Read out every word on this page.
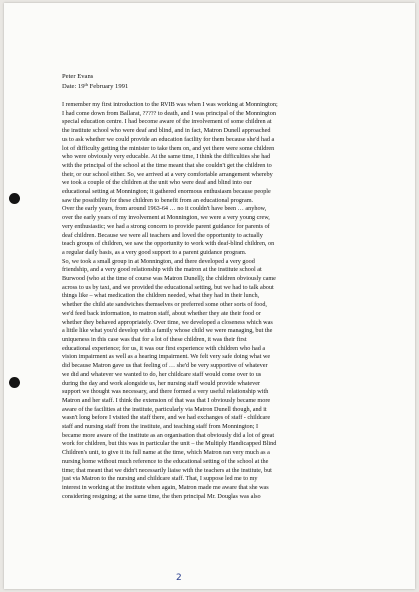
Peter Evans
Date: 19th February 1991
I remember my first introduction to the RVIB was when I was working at Monnington;
I had come down from Ballarat, ????? to death, and I was principal of the Monnington
special education centre. I had become aware of the involvement of some children at
the institute school who were deaf and blind, and in fact, Matron Dunell approached
us to ask whether we could provide an education facility for them because she'd had a
lot of difficulty getting the minister to take them on, and yet there were some children
who were obviously very educable. At the same time, I think the difficulties she had
with the principal of the school at the time meant that she couldn't get the children to
their, or our school either. So, we arrived at a very comfortable arrangement whereby
we took a couple of the children at the unit who were deaf and blind into our
educational setting at Monnington; it gathered enormous enthusiasm because people
saw the possibility for these children to benefit from an educational program.
Over the early years, from around 1963-64 … no it couldn't have been … anyhow,
over the early years of my involvement at Monnington, we were a very young crew,
very enthusiastic; we had a strong concern to provide parent guidance for parents of
deaf children. Because we were all teachers and loved the opportunity to actually
teach groups of children, we saw the opportunity to work with deaf-blind children, on
a regular daily basis, as a very good support to a parent guidance program.
So, we took a small group in at Monnington, and there developed a very good
friendship, and a very good relationship with the matron at the institute school at
Burwood (who at the time of course was Matron Dunell); the children obviously came
across to us by taxi, and we provided the educational setting, but we had to talk about
things like – what medication the children needed, what they had in their lunch,
whether the child ate sandwiches themselves or preferred some other sorts of food,
we'd feed back information, to matron staff, about whether they ate their food or
whether they behaved appropriately. Over time, we developed a closeness which was
a little like what you'd develop with a family whose child we were managing, but the
uniqueness in this case was that for a lot of these children, it was their first
educational experience; for us, it was our first experience with children who had a
vision impairment as well as a hearing impairment. We felt very safe doing what we
did because Matron gave us that feeling of … she'd be very supportive of whatever
we did and whatever we wanted to do, her childcare staff would come over to us
during the day and work alongside us, her nursing staff would provide whatever
support we thought was necessary, and there formed a very useful relationship with
Matron and her staff. I think the extension of that was that I obviously became more
aware of the facilities at the institute, particularly via Matron Dunell though, and it
wasn't long before I visited the staff there, and we had exchanges of staff - childcare
staff and nursing staff from the institute, and teaching staff from Monnington; I
became more aware of the institute as an organisation that obviously did a lot of great
work for children, but this was in particular the unit – the Multiply Handicapped Blind
Children's unit, to give it its full name at the time, which Matron ran very much as a
nursing home without much reference to the educational setting of the school at the
time; that meant that we didn't necessarily liaise with the teachers at the institute, but
just via Matron to the nursing and childcare staff. That, I suppose led me to my
interest in working at the institute when again, Matron made me aware that she was
considering resigning; at the same time, the then principal Mr. Douglas was also
2
